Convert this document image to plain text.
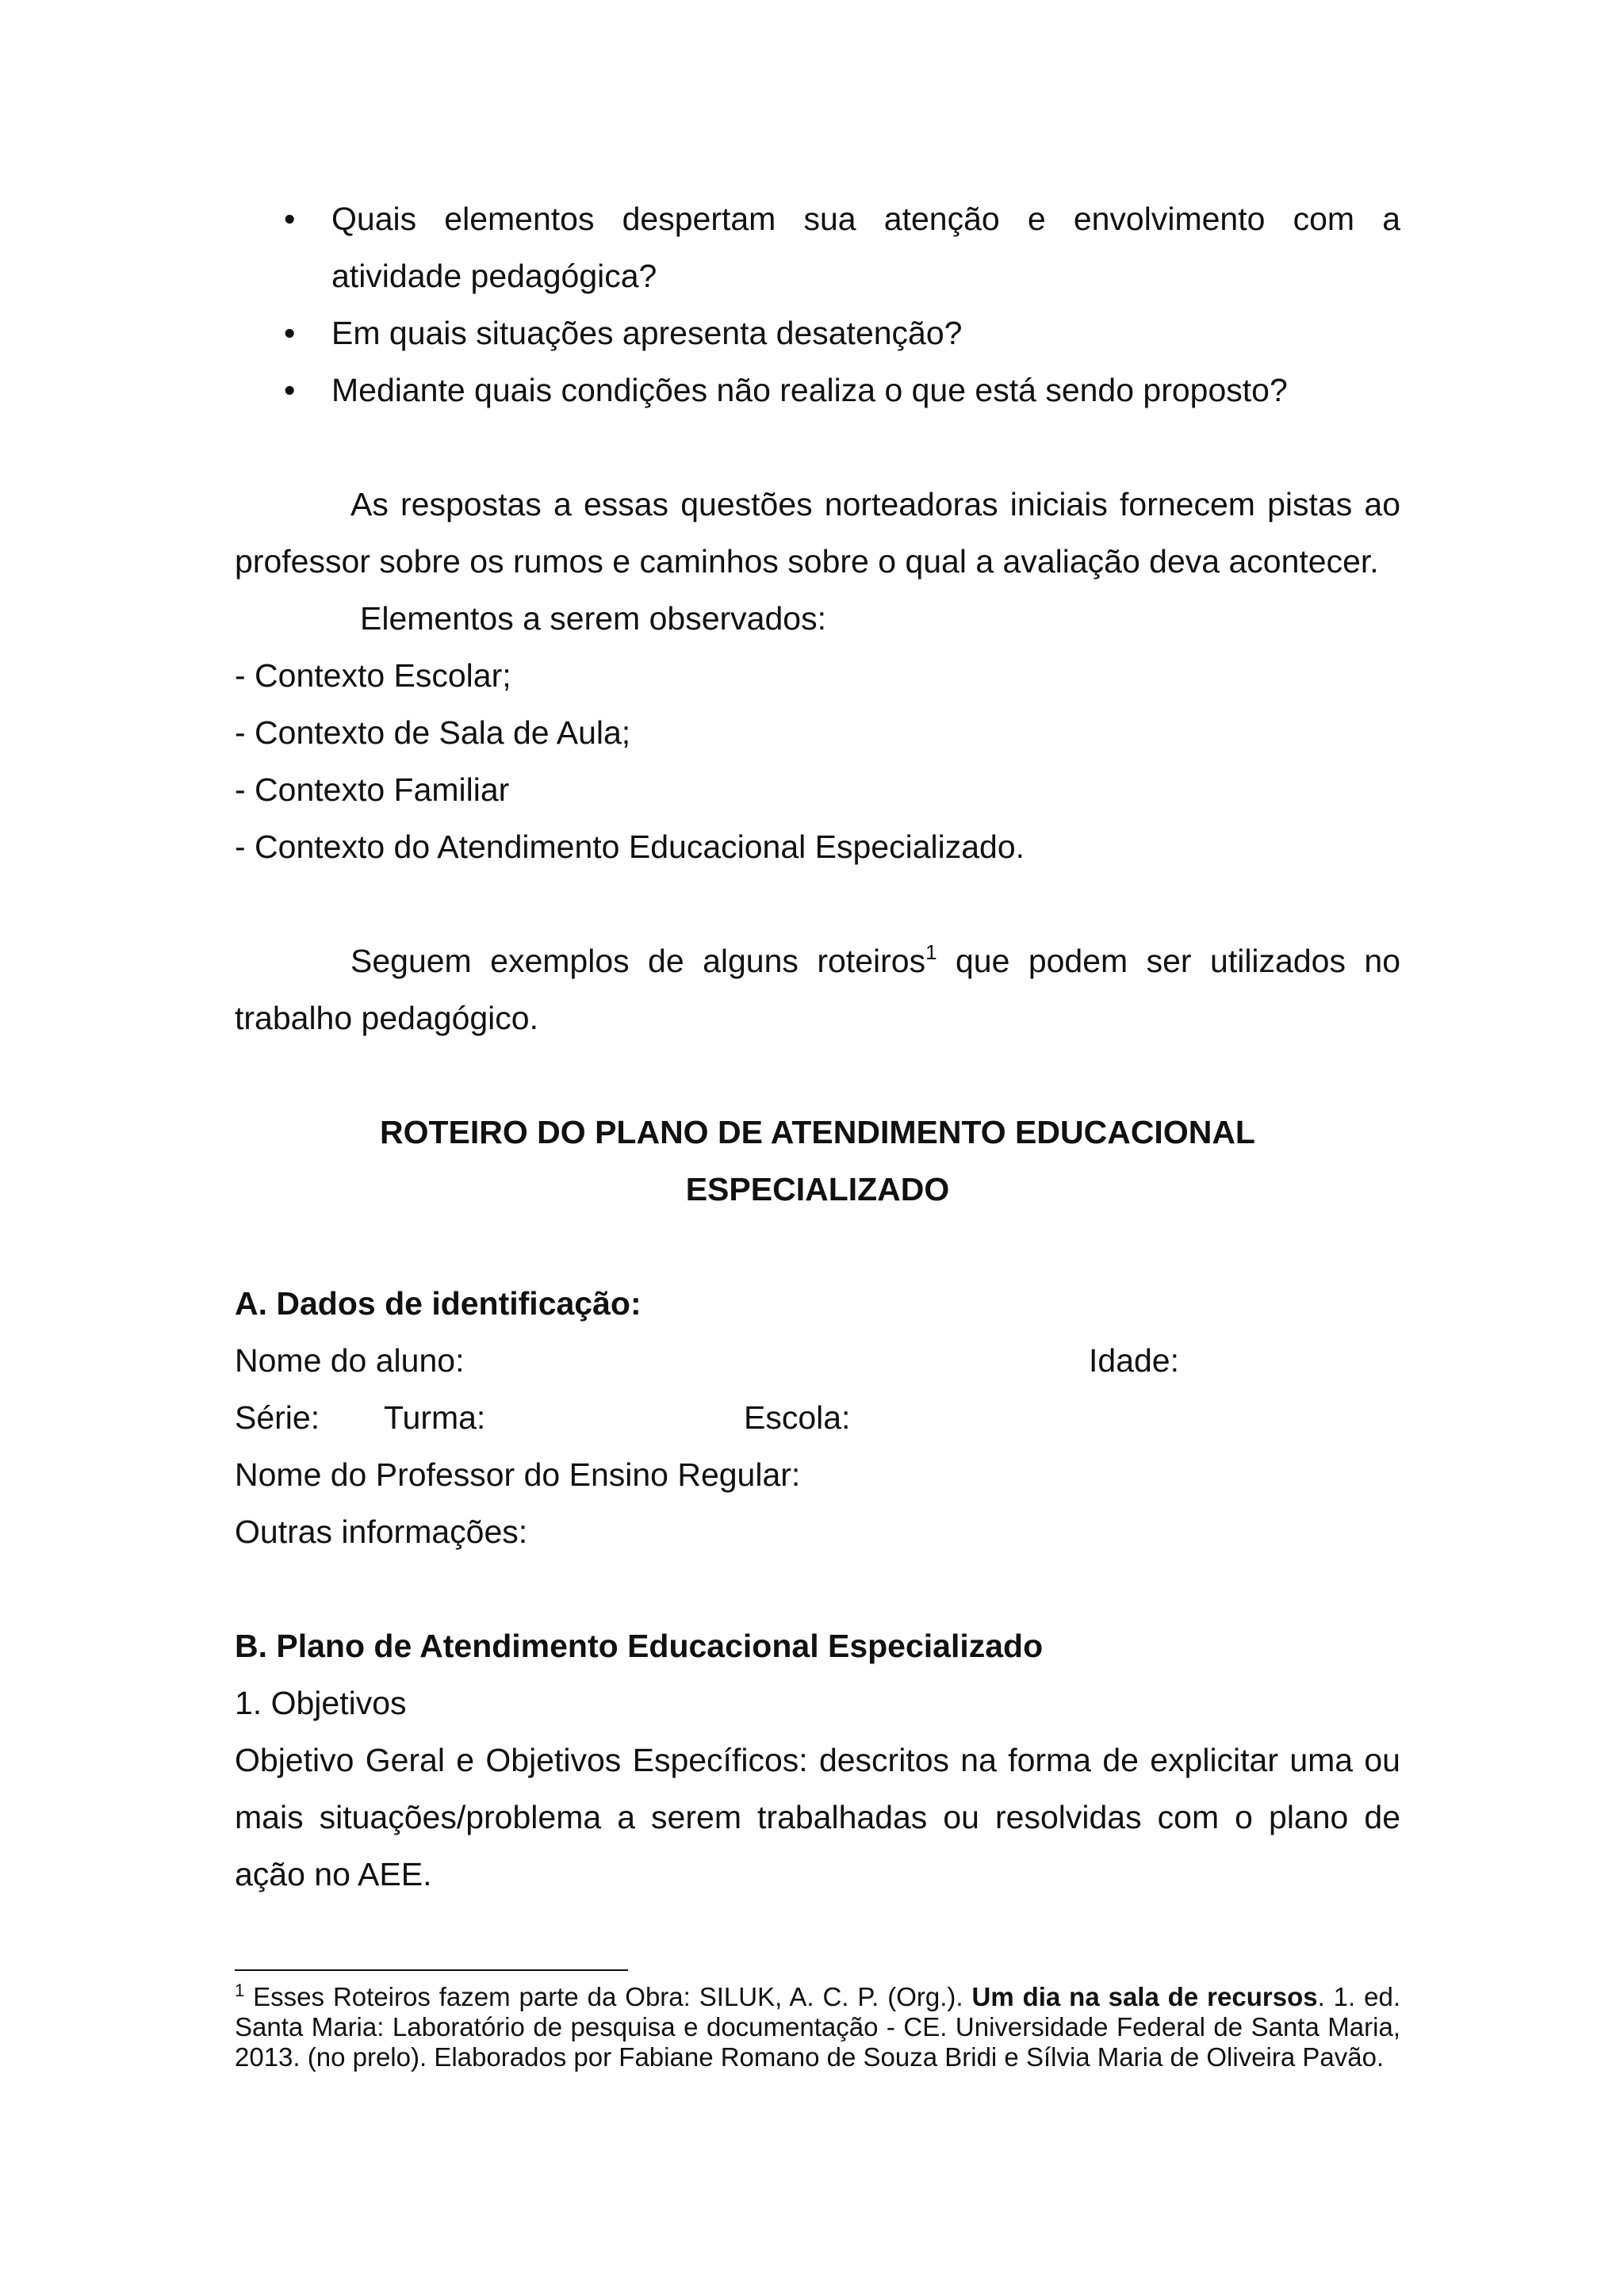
• Quais elementos despertam sua atenção e envolvimento com a
atividade pedagógica?
• Em quais situações apresenta desatenção?
• Mediante quais condições não realiza o que está sendo proposto?

As respostas a essas questões norteadoras iniciais fornecem pistas ao professor sobre os rumos e caminhos sobre o qual a avaliação deva acontecer.

Elementos a serem observados:

- Contexto Escolar;

- Contexto de Sala de Aula;

- Contexto Familiar

- Contexto do Atendimento Educacional Especializado.

Seguem exemplos de alguns roteiros$^1$ que podem ser utilizados no trabalho pedagógico.

ROTEIRO DO PLANO DE ATENDIMENTO EDUCACIONAL
ESPECIALIZADO

A. Dados de identificação:

Nome do aluno:	Idade:
Série: Turma:	Escola:

Nome do Professor do Ensino Regular:

Outras informações:

B. Plano de Atendimento Educacional Especializado

1. Objetivos

Objetivo Geral e Objetivos Específicos: descritos na forma de explicitar uma ou mais situações/problema a serem trabalhadas ou resolvidas com o plano de ação no AEE.

$^1$ Esses Roteiros fazem parte da Obra: SILUK, A. C. P. (Org.). Um dia na sala de recursos. 1. ed. Santa Maria: Laboratório de pesquisa e documentação - CE. Universidade Federal de Santa Maria, 2013. (no prelo). Elaborados por Fabiane Romano de Souza Bridi e Sílvia Maria de Oliveira Pavão.
